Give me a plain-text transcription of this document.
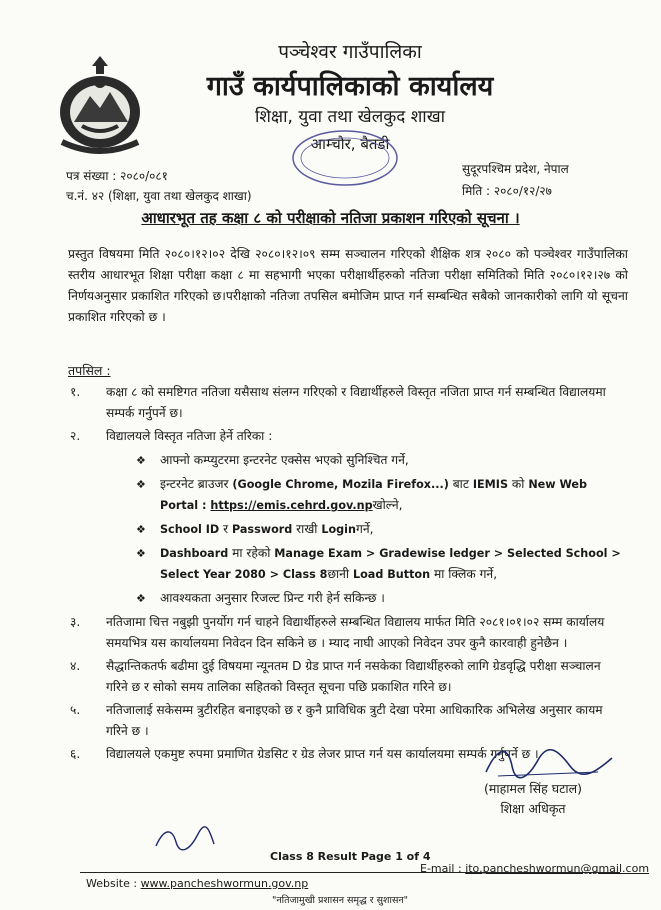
पञ्चेश्वर गाउँपालिका
गाउँ कार्यपालिकाको कार्यालय
शिक्षा, युवा तथा खेलकुद शाखा
आम्चौर, बैतडी
पत्र संख्या : २०८०/०८१
च.नं. ४२ (शिक्षा, युवा तथा खेलकुद शाखा)
सुदूरपश्चिम प्रदेश, नेपाल
मिति : २०८०/१२/२७
आधारभूत तह कक्षा ८ को परीक्षाको नतिजा प्रकाशन गरिएको सूचना ।
प्रस्तुत विषयमा मिति २०८०।१२।०२ देखि २०८०।१२।०९ सम्म सञ्चालन गरिएको शैक्षिक शत्र २०८० को पञ्चेश्वर गाउँपालिका स्तरीय आधारभूत शिक्षा परीक्षा कक्षा ८ मा सहभागी भएका परीक्षार्थीहरुको नतिजा परीक्षा समितिको मिति २०८०।१२।२७ को निर्णयअनुसार प्रकाशित गरिएको छ।परीक्षाको नतिजा तपसिल बमोजिम प्राप्त गर्न सम्बन्धित सबैको जानकारीको लागि यो सूचना प्रकाशित गरिएको छ ।
तपसिल :
१.	कक्षा ८ को समष्टिगत नतिजा यसैसाथ संलग्न गरिएको र विद्यार्थीहरुले विस्तृत नजिता प्राप्त गर्न सम्बन्धित विद्यालयमा सम्पर्क गर्नुपर्ने छ।
२.	विद्यालयले विस्तृत नतिजा हेर्ने तरिका :
❖ आफ्नो कम्प्युटरमा इन्टरनेट एक्सेस भएको सुनिश्चित गर्ने,
❖ इन्टरनेट ब्राउजर (Google Chrome, Mozila Firefox...) बाट IEMIS को New Web Portal : https://emis.cehrd.gov.npखोल्ने,
❖ School ID र Password राखी Loginगर्ने,
❖ Dashboard मा रहेको Manage Exam > Gradewise ledger > Selected School > Select Year 2080 > Class 8छानी Load Button मा क्लिक गर्ने,
❖ आवश्यकता अनुसार रिजल्ट प्रिन्ट गरी हेर्न सकिन्छ ।
३.	नतिजामा चित्त नबुझी पुनर्योग गर्न चाहने विद्यार्थीहरुले सम्बन्धित विद्यालय मार्फत मिति २०८१।०१।०२ सम्म कार्यालय समयभित्र यस कार्यालयमा निवेदन दिन सकिने छ । म्याद नाघी आएको निवेदन उपर कुनै कारवाही हुनेछैन ।
४.	सैद्धान्तिकतर्फ बढीमा दुई विषयमा न्यूनतम D ग्रेड प्राप्त गर्न नसकेका विद्यार्थीहरुको लागि ग्रेडवृद्धि परीक्षा सञ्चालन गरिने छ र सोको समय तालिका सहितको विस्तृत सूचना पछि प्रकाशित गरिने छ।
५.	नतिजालाई सकेसम्म त्रुटीरहित बनाइएको छ र कुनै प्राविधिक त्रुटी देखा परेमा आधिकारिक अभिलेख अनुसार कायम गरिने छ ।
६.	विद्यालयले एकमुष्ट रुपमा प्रमाणित ग्रेडसिट र ग्रेड लेजर प्राप्त गर्न यस कार्यालयमा सम्पर्क गर्नुपर्ने छ ।
(माहामल सिंह घटाल)
शिक्षा अधिकृत
Class 8 Result Page 1 of 4
E-mail : ito.pancheshwormun@gmail.com
Website : www.pancheshwormun.gov.np
"नतिजामुखी प्रशासन समृद्ध र सुशासन"
